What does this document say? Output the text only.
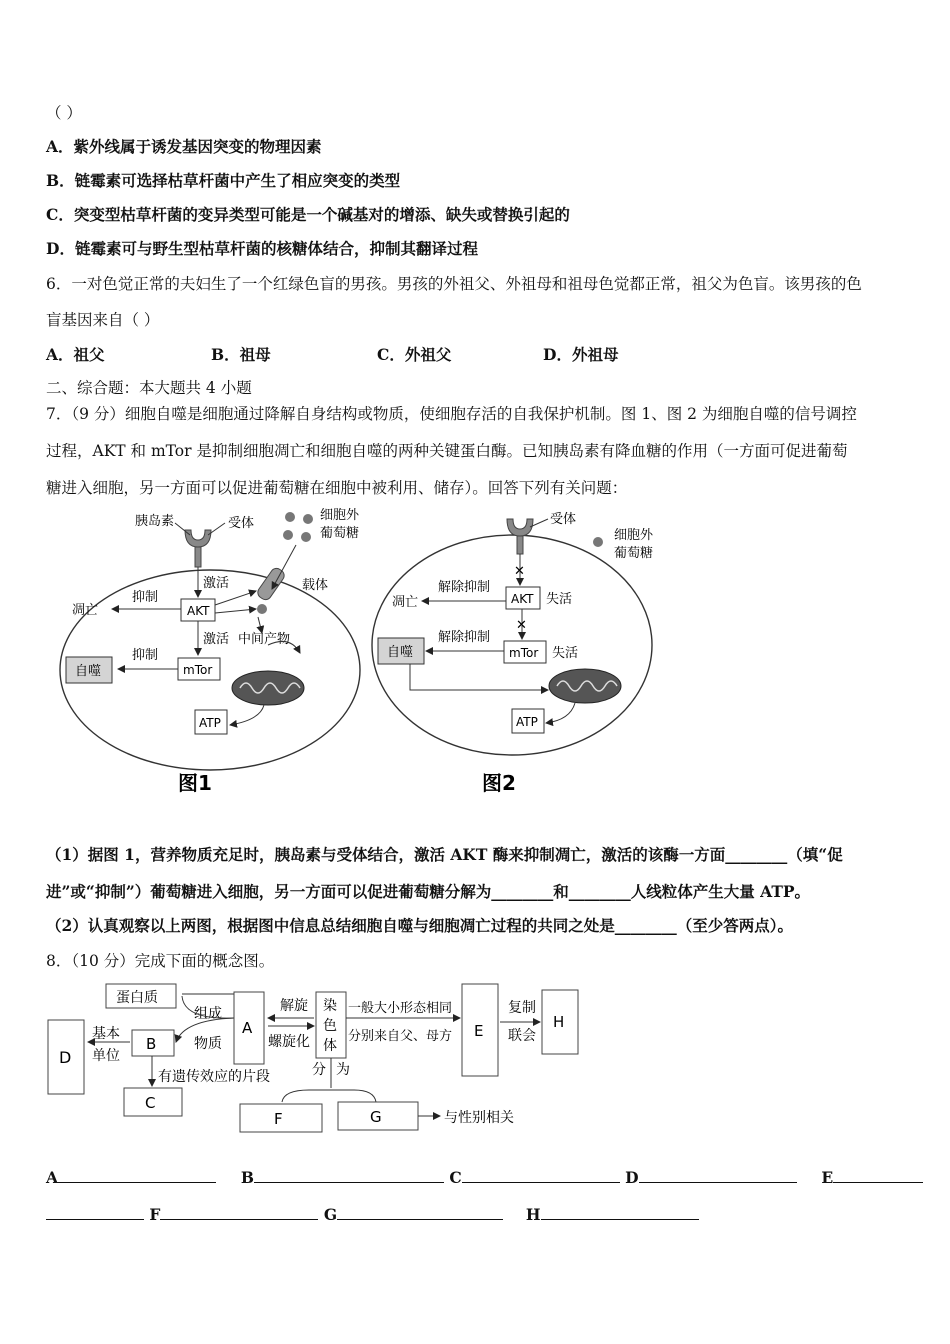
（ ）
A．紫外线属于诱发基因突变的物理因素
B．链霉素可选择枯草杆菌中产生了相应突变的类型
C．突变型枯草杆菌的变异类型可能是一个碱基对的增添、缺失或替换引起的
D．链霉素可与野生型枯草杆菌的核糖体结合，抑制其翻译过程
6．一对色觉正常的夫妇生了一个红绿色盲的男孩。男孩的外祖父、外祖母和祖母色觉都正常，祖父为色盲。该男孩的色
盲基因来自（ ）
A．祖父	B．祖母	C．外祖父	D．外祖母
二、综合题：本大题共 4 小题
7．（9 分）细胞自噬是细胞通过降解自身结构或物质，使细胞存活的自我保护机制。图 1、图 2 为细胞自噬的信号调控
过程，AKT 和 mTor 是抑制细胞凋亡和细胞自噬的两种关键蛋白酶。已知胰岛素有降血糖的作用（一方面可促进葡萄
糖进入细胞，另一方面可以促进葡萄糖在细胞中被利用、储存）。回答下列有关问题：
胰岛素	受体
细胞外
葡萄糖
载体
激活
AKT
抑制
凋亡
激活 中间产物
mTor
抑制
自噬
ATP
图1
受体
细胞外
葡萄糖
✕
AKT 失活
解除抑制
凋亡
✕
mTor 失活
解除抑制
自噬
ATP
图2
（1）据图 1，营养物质充足时，胰岛素与受体结合，激活 AKT 酶来抑制凋亡，激活的该酶一方面________（填“促
进”或“抑制”）葡萄糖进入细胞，另一方面可以促进葡萄糖分解为________和________人线粒体产生大量 ATP。
（2）认真观察以上两图，根据图中信息总结细胞自噬与细胞凋亡过程的共同之处是________（至少答两点）。
8．（10 分）完成下面的概念图。
蛋白质
D
基本
单位
B
组成
物质
A
有遗传效应的片段
C
解旋
螺旋化
染
色
体
一般大小形态相同
分别来自父、母方 E
复制
联会
H
分 为
F	G	与性别相关
A	B	C	D	E
F	G	H
